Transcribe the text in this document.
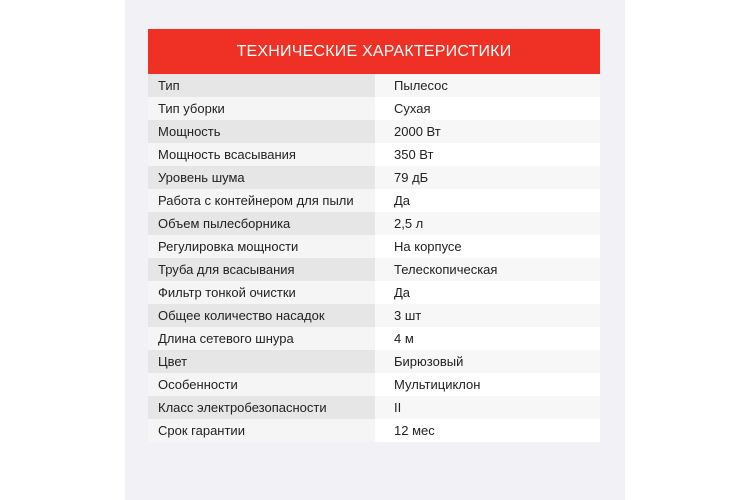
ТЕХНИЧЕСКИЕ ХАРАКТЕРИСТИКИ
Тип	Пылесос
Тип уборки	Сухая
Мощность	2000 Вт
Мощность всасывания	350 Вт
Уровень шума	79 дБ
Работа с контейнером для пыли	Да
Объем пылесборника	2,5 л
Регулировка мощности	На корпусе
Труба для всасывания	Телескопическая
Фильтр тонкой очистки	Да
Общее количество насадок	3 шт
Длина сетевого шнура	4 м
Цвет	Бирюзовый
Особенности	Мультициклон
Класс электробезопасности	II
Срок гарантии	12 мес
